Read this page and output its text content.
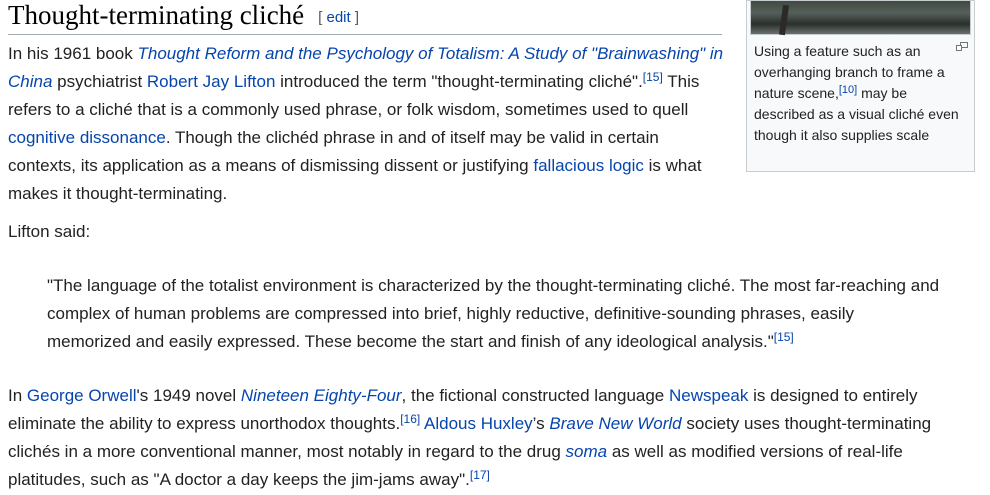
Thought-terminating cliché [ edit ]

In his 1961 book Thought Reform and the Psychology of Totalism: A Study of "Brainwashing" in China psychiatrist Robert Jay Lifton introduced the term "thought-terminating cliché".[15] This refers to a cliché that is a commonly used phrase, or folk wisdom, sometimes used to quell cognitive dissonance. Though the clichéd phrase in and of itself may be valid in certain contexts, its application as a means of dismissing dissent or justifying fallacious logic is what makes it thought-terminating.

Lifton said:

"The language of the totalist environment is characterized by the thought-terminating cliché. The most far-reaching and complex of human problems are compressed into brief, highly reductive, definitive-sounding phrases, easily memorized and easily expressed. These become the start and finish of any ideological analysis."[15]

In George Orwell's 1949 novel Nineteen Eighty-Four, the fictional constructed language Newspeak is designed to entirely eliminate the ability to express unorthodox thoughts.[16] Aldous Huxley’s Brave New World society uses thought-terminating clichés in a more conventional manner, most notably in regard to the drug soma as well as modified versions of real-life platitudes, such as "A doctor a day keeps the jim-jams away".[17]

Using a feature such as an overhanging branch to frame a nature scene,[10] may be described as a visual cliché even though it also supplies scale
